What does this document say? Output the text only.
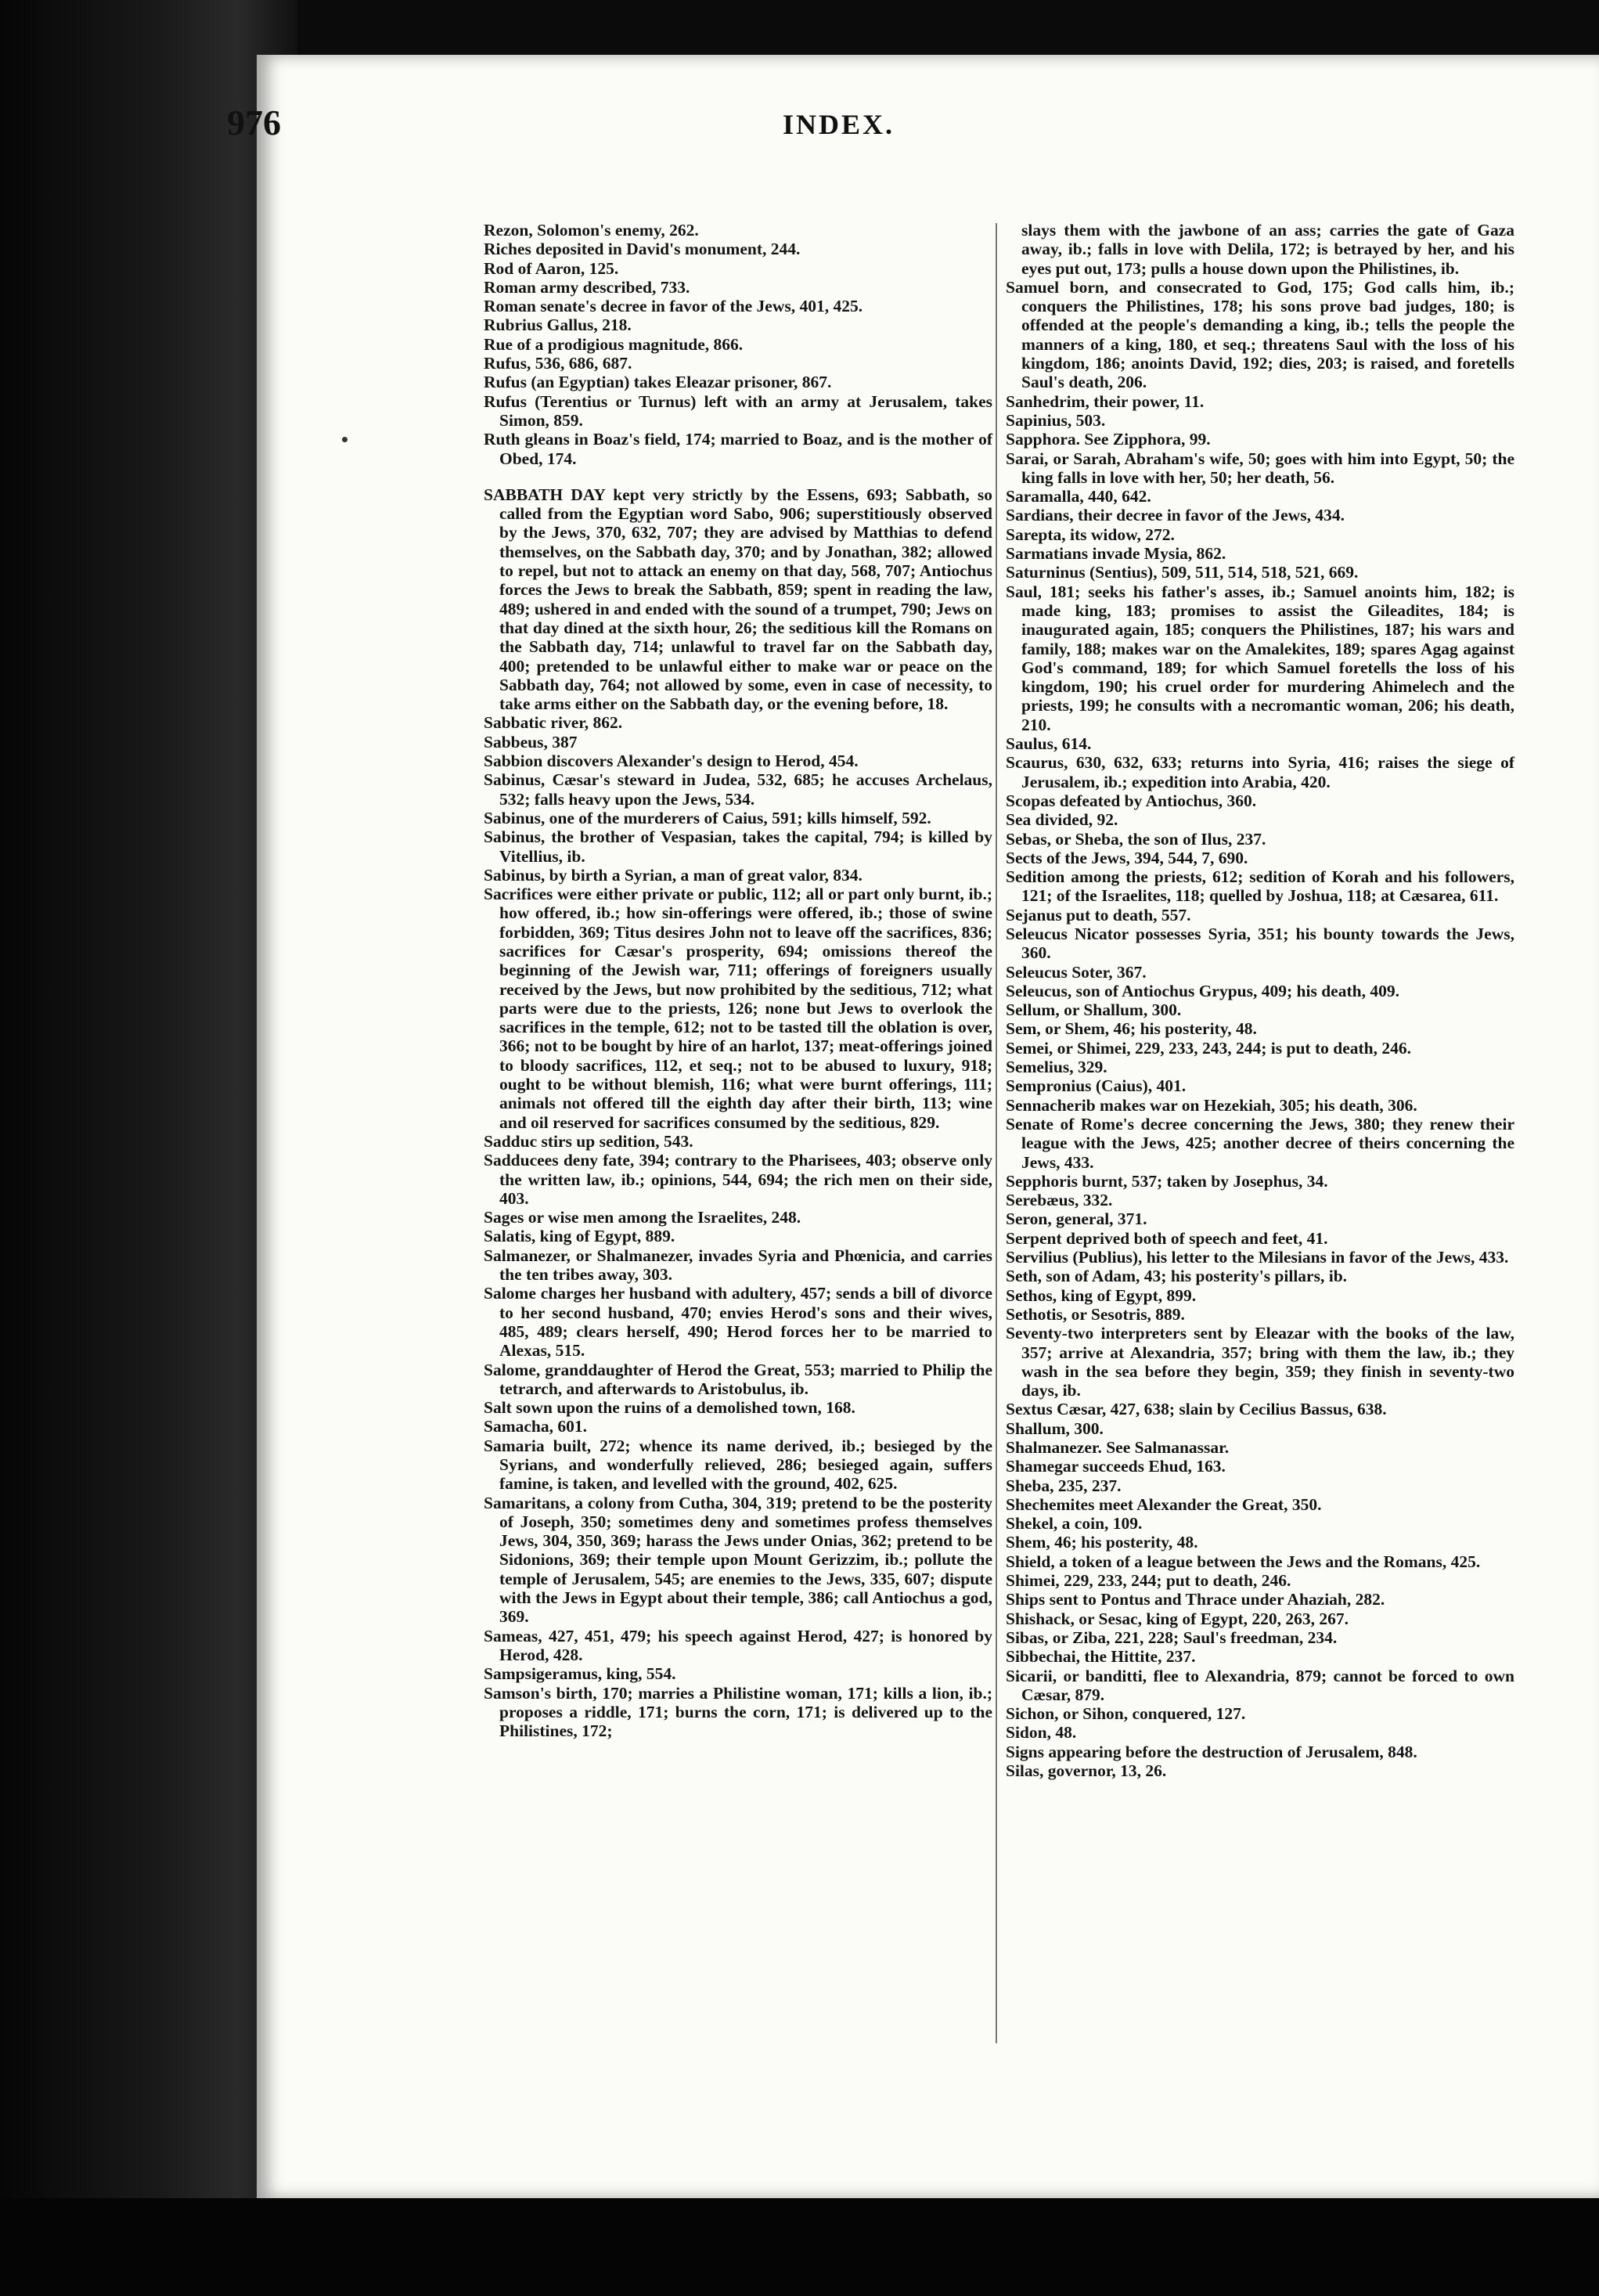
976	INDEX.

Rezon, Solomon's enemy, 262.

Riches deposited in David's monument, 244.

Rod of Aaron, 125.

Roman army described, 733.

Roman senate's decree in favor of the Jews, 401, 425.

Rubrius Gallus, 218.

Rue of a prodigious magnitude, 866.

Rufus, 536, 686, 687.

Rufus (an Egyptian) takes Eleazar prisoner, 867.

Rufus (Terentius or Turnus) left with an army at Jerusalem, takes Simon, 859.

Ruth gleans in Boaz's field, 174; married to Boaz, and is the mother of Obed, 174.

SABBATH DAY kept very strictly by the Essens, 693; Sabbath, so called from the Egyptian word Sabo, 906; superstitiously observed by the Jews, 370, 632, 707; they are advised by Matthias to defend themselves, on the Sabbath day, 370; and by Jonathan, 382; allowed to repel, but not to attack an enemy on that day, 568, 707; Antiochus forces the Jews to break the Sabbath, 859; spent in reading the law, 489; ushered in and ended with the sound of a trumpet, 790; Jews on that day dined at the sixth hour, 26; the seditious kill the Romans on the Sabbath day, 714; unlawful to travel far on the Sabbath day, 400; pretended to be unlawful either to make war or peace on the Sabbath day, 764; not allowed by some, even in case of necessity, to take arms either on the Sabbath day, or the evening before, 18.

Sabbatic river, 862.

Sabbeus, 387

Sabbion discovers Alexander's design to Herod, 454.

Sabinus, Cæsar's steward in Judea, 532, 685; he accuses Archelaus, 532; falls heavy upon the Jews, 534.

Sabinus, one of the murderers of Caius, 591; kills himself, 592.

Sabinus, the brother of Vespasian, takes the capital, 794; is killed by Vitellius, ib.

Sabinus, by birth a Syrian, a man of great valor, 834.

Sacrifices were either private or public, 112; all or part only burnt, ib.; how offered, ib.; how sin-offerings were offered, ib.; those of swine forbidden, 369; Titus desires John not to leave off the sacrifices, 836; sacrifices for Cæsar's prosperity, 694; omissions thereof the beginning of the Jewish war, 711; offerings of foreigners usually received by the Jews, but now prohibited by the seditious, 712; what parts were due to the priests, 126; none but Jews to overlook the sacrifices in the temple, 612; not to be tasted till the oblation is over, 366; not to be bought by hire of an harlot, 137; meat-offerings joined to bloody sacrifices, 112, et seq.; not to be abused to luxury, 918; ought to be without blemish, 116; what were burnt offerings, 111; animals not offered till the eighth day after their birth, 113; wine and oil reserved for sacrifices consumed by the seditious, 829.

Sadduc stirs up sedition, 543.

Sadducees deny fate, 394; contrary to the Pharisees, 403; observe only the written law, ib.; opinions, 544, 694; the rich men on their side, 403.

Sages or wise men among the Israelites, 248.

Salatis, king of Egypt, 889.

Salmanezer, or Shalmanezer, invades Syria and Phœnicia, and carries the ten tribes away, 303.

Salome charges her husband with adultery, 457; sends a bill of divorce to her second husband, 470; envies Herod's sons and their wives, 485, 489; clears herself, 490; Herod forces her to be married to Alexas, 515.

Salome, granddaughter of Herod the Great, 553; married to Philip the tetrarch, and afterwards to Aristobulus, ib.

Salt sown upon the ruins of a demolished town, 168.

Samacha, 601.

Samaria built, 272; whence its name derived, ib.; besieged by the Syrians, and wonderfully relieved, 286; besieged again, suffers famine, is taken, and levelled with the ground, 402, 625.

Samaritans, a colony from Cutha, 304, 319; pretend to be the posterity of Joseph, 350; sometimes deny and sometimes profess themselves Jews, 304, 350, 369; harass the Jews under Onias, 362; pretend to be Sidonions, 369; their temple upon Mount Gerizzim, ib.; pollute the temple of Jerusalem, 545; are enemies to the Jews, 335, 607; dispute with the Jews in Egypt about their temple, 386; call Antiochus a god, 369.

Sameas, 427, 451, 479; his speech against Herod, 427; is honored by Herod, 428.

Sampsigeramus, king, 554.

Samson's birth, 170; marries a Philistine woman, 171; kills a lion, ib.; proposes a riddle, 171; burns the corn, 171; is delivered up to the Philistines, 172;

slays them with the jawbone of an ass; carries the gate of Gaza away, ib.; falls in love with Delila, 172; is betrayed by her, and his eyes put out, 173; pulls a house down upon the Philistines, ib.

Samuel born, and consecrated to God, 175; God calls him, ib.; conquers the Philistines, 178; his sons prove bad judges, 180; is offended at the people's demanding a king, ib.; tells the people the manners of a king, 180, et seq.; threatens Saul with the loss of his kingdom, 186; anoints David, 192; dies, 203; is raised, and foretells Saul's death, 206.

Sanhedrim, their power, 11.

Sapinius, 503.

Sapphora. See Zipphora, 99.

Sarai, or Sarah, Abraham's wife, 50; goes with him into Egypt, 50; the king falls in love with her, 50; her death, 56.

Saramalla, 440, 642.

Sardians, their decree in favor of the Jews, 434.

Sarepta, its widow, 272.

Sarmatians invade Mysia, 862.

Saturninus (Sentius), 509, 511, 514, 518, 521, 669.

Saul, 181; seeks his father's asses, ib.; Samuel anoints him, 182; is made king, 183; promises to assist the Gileadites, 184; is inaugurated again, 185; conquers the Philistines, 187; his wars and family, 188; makes war on the Amalekites, 189; spares Agag against God's command, 189; for which Samuel foretells the loss of his kingdom, 190; his cruel order for murdering Ahimelech and the priests, 199; he consults with a necromantic woman, 206; his death, 210.

Saulus, 614.

Scaurus, 630, 632, 633; returns into Syria, 416; raises the siege of Jerusalem, ib.; expedition into Arabia, 420.

Scopas defeated by Antiochus, 360.

Sea divided, 92.

Sebas, or Sheba, the son of Ilus, 237.

Sects of the Jews, 394, 544, 7, 690.

Sedition among the priests, 612; sedition of Korah and his followers, 121; of the Israelites, 118; quelled by Joshua, 118; at Cæsarea, 611.

Sejanus put to death, 557.

Seleucus Nicator possesses Syria, 351; his bounty towards the Jews, 360.

Seleucus Soter, 367.

Seleucus, son of Antiochus Grypus, 409; his death, 409.

Sellum, or Shallum, 300.

Sem, or Shem, 46; his posterity, 48.

Semei, or Shimei, 229, 233, 243, 244; is put to death, 246.

Semelius, 329.

Sempronius (Caius), 401.

Sennacherib makes war on Hezekiah, 305; his death, 306.

Senate of Rome's decree concerning the Jews, 380; they renew their league with the Jews, 425; another decree of theirs concerning the Jews, 433.

Sepphoris burnt, 537; taken by Josephus, 34.

Serebæus, 332.

Seron, general, 371.

Serpent deprived both of speech and feet, 41.

Servilius (Publius), his letter to the Milesians in favor of the Jews, 433.

Seth, son of Adam, 43; his posterity's pillars, ib.

Sethos, king of Egypt, 899.

Sethotis, or Sesotris, 889.

Seventy-two interpreters sent by Eleazar with the books of the law, 357; arrive at Alexandria, 357; bring with them the law, ib.; they wash in the sea before they begin, 359; they finish in seventy-two days, ib.

Sextus Cæsar, 427, 638; slain by Cecilius Bassus, 638.

Shallum, 300.

Shalmanezer. See Salmanassar.

Shamegar succeeds Ehud, 163.

Sheba, 235, 237.

Shechemites meet Alexander the Great, 350.

Shekel, a coin, 109.

Shem, 46; his posterity, 48.

Shield, a token of a league between the Jews and the Romans, 425.

Shimei, 229, 233, 244; put to death, 246.

Ships sent to Pontus and Thrace under Ahaziah, 282.

Shishack, or Sesac, king of Egypt, 220, 263, 267.

Sibas, or Ziba, 221, 228; Saul's freedman, 234.

Sibbechai, the Hittite, 237.

Sicarii, or banditti, flee to Alexandria, 879; cannot be forced to own Cæsar, 879.

Sichon, or Sihon, conquered, 127.

Sidon, 48.

Signs appearing before the destruction of Jerusalem, 848.

Silas, governor, 13, 26.
